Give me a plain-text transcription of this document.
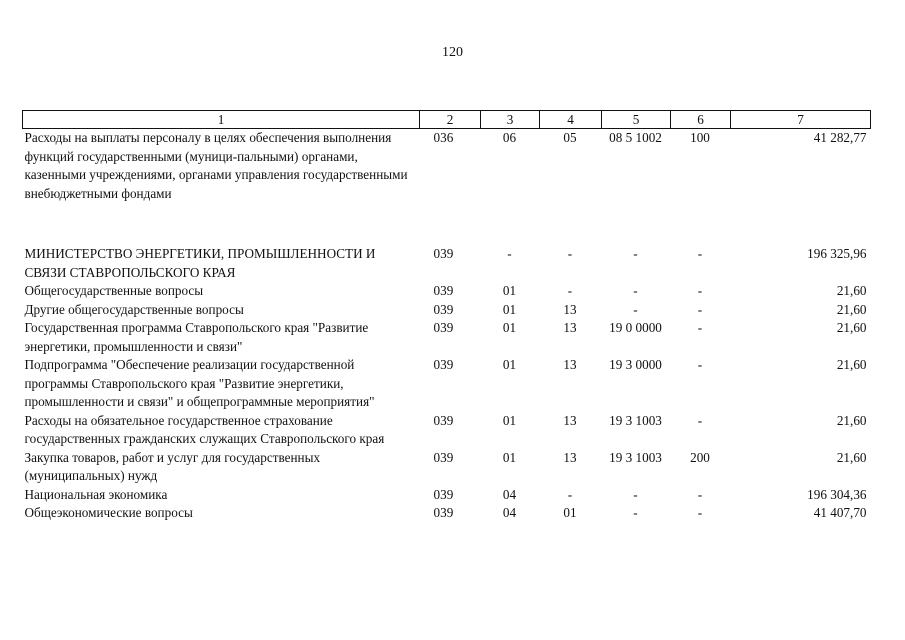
120
1	2	3	4	5	6	7
Расходы на выплаты персоналу в целях обеспечения выполнения функций государственными (муници-пальными) органами, казенными учреждениями, органами управления государственными внебюджетными фондами	036	06	05	08 5 1002	100	41 282,77

МИНИСТЕРСТВО ЭНЕРГЕТИКИ, ПРОМЫШЛЕННОСТИ И СВЯЗИ СТАВРОПОЛЬСКОГО КРАЯ	039	-	-	-	-	196 325,96
Общегосударственные вопросы	039	01	-	-	-	21,60
Другие общегосударственные вопросы	039	01	13	-	-	21,60
Государственная программа Ставропольского края "Развитие энергетики, промышленности и связи"	039	01	13	19 0 0000	-	21,60
Подпрограмма "Обеспечение реализации государственной программы Ставропольского края "Развитие энергетики, промышленности и связи" и общепрограммные мероприятия"	039	01	13	19 3 0000	-	21,60
Расходы на обязательное государственное страхование государственных гражданских служащих Ставропольского края	039	01	13	19 3 1003	-	21,60
Закупка товаров, работ и услуг для государственных (муниципальных) нужд	039	01	13	19 3 1003	200	21,60
Национальная экономика	039	04	-	-	-	196 304,36
Общеэкономические вопросы	039	04	01	-	-	41 407,70
